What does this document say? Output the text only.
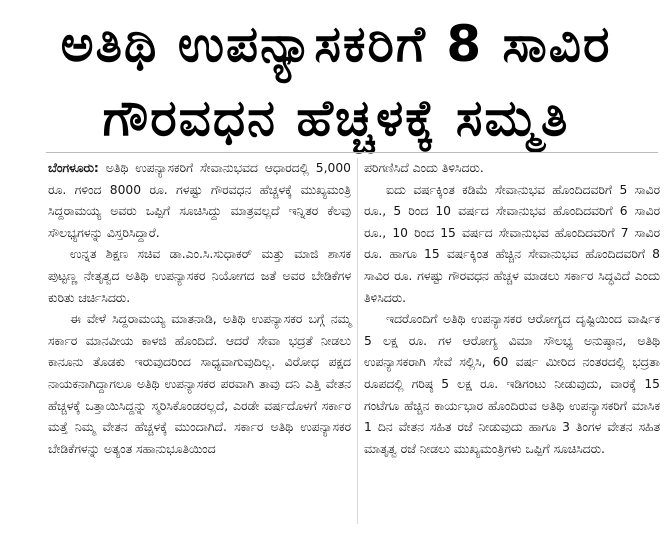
ಅತಿಥಿ ಉಪನ್ಯಾಸಕರಿಗೆ 8 ಸಾವಿರ
ಗೌರವಧನ ಹೆಚ್ಚಳಕ್ಕೆ ಸಮ್ಮತಿ

ಬೆಂಗಳೂರು: ಅತಿಥಿ ಉಪನ್ಯಾಸಕರಿಗೆ ಸೇವಾನುಭವದ ಆಧಾರದಲ್ಲಿ 5,000 ರೂ. ಗಳಿಂದ 8000 ರೂ. ಗಳಷ್ಟು ಗೌರವಧನ ಹೆಚ್ಚಳಕ್ಕೆ ಮುಖ್ಯಮಂತ್ರಿ ಸಿದ್ದರಾಮಯ್ಯ ಅವರು ಒಪ್ಪಿಗೆ ಸೂಚಿಸಿದ್ದು ಮಾತ್ರವಲ್ಲದೆ ಇನ್ನಿತರ ಕೆಲವು ಸೌಲಭ್ಯಗಳನ್ನು ವಿಸ್ತರಿಸಿದ್ದಾರೆ.

ಉನ್ನತ ಶಿಕ್ಷಣ ಸಚಿವ ಡಾ.ಎಂ.ಸಿ.ಸುಧಾಕರ್ ಮತ್ತು ಮಾಜಿ ಶಾಸಕ ಪುಟ್ಟಣ್ಣ ನೇತೃತ್ವದ ಅತಿಥಿ ಉಪನ್ಯಾಸಕರ ನಿಯೋಗದ ಜತೆ ಅವರ ಬೇಡಿಕೆಗಳ ಕುರಿತು ಚರ್ಚಿಸಿದರು.

ಈ ವೇಳೆ ಸಿದ್ದರಾಮಯ್ಯ ಮಾತನಾಡಿ, ಅತಿಥಿ ಉಪನ್ಯಾಸಕರ ಬಗ್ಗೆ ನಮ್ಮ ಸರ್ಕಾರ ಮಾನವೀಯ ಕಾಳಜಿ ಹೊಂದಿದೆ. ಆದರೆ ಸೇವಾ ಭದ್ರತೆ ನೀಡಲು ಕಾನೂನು ತೊಡಕು ಇರುವುದರಿಂದ ಸಾಧ್ಯವಾಗುವುದಿಲ್ಲ. ವಿರೋಧ ಪಕ್ಷದ ನಾಯಕನಾಗಿದ್ದಾಗಲೂ ಅತಿಥಿ ಉಪನ್ಯಾಸಕರ ಪರವಾಗಿ ತಾವು ದನಿ ಎತ್ತಿ ವೇತನ ಹೆಚ್ಚಳಕ್ಕೆ ಒತ್ತಾಯಿಸಿದ್ದನ್ನು ಸ್ಮರಿಸಿಕೊಂಡರಲ್ಲದೆ, ಎರಡೇ ವರ್ಷದೊಳಗೆ ಸರ್ಕಾರ ಮತ್ತೆ ನಿಮ್ಮ ವೇತನ ಹೆಚ್ಚಳಕ್ಕೆ ಮುಂದಾಗಿದೆ. ಸರ್ಕಾರ ಅತಿಥಿ ಉಪನ್ಯಾಸಕರ ಬೇಡಿಕೆಗಳನ್ನು ಅತ್ಯಂತ ಸಹಾನುಭೂತಿಯಿಂದ

ಪರಿಗಣಿಸಿದೆ ಎಂದು ತಿಳಿಸಿದರು.

ಐದು ವರ್ಷಕ್ಕಿಂತ ಕಡಿಮೆ ಸೇವಾನುಭವ ಹೊಂದಿದವರಿಗೆ 5 ಸಾವಿರ ರೂ., 5 ರಿಂದ 10 ವರ್ಷದ ಸೇವಾನುಭವ ಹೊಂದಿದವರಿಗೆ 6 ಸಾವಿರ ರೂ., 10 ರಿಂದ 15 ವರ್ಷದ ಸೇವಾನುಭವ ಹೊಂದಿದವರಿಗೆ 7 ಸಾವಿರ ರೂ. ಹಾಗೂ 15 ವರ್ಷಕ್ಕಿಂತ ಹೆಚ್ಚಿನ ಸೇವಾನುಭವ ಹೊಂದಿದವರಿಗೆ 8 ಸಾವಿರ ರೂ. ಗಳಷ್ಟು ಗೌರವಧನ ಹೆಚ್ಚಳ ಮಾಡಲು ಸರ್ಕಾರ ಸಿದ್ಧವಿದೆ ಎಂದು ತಿಳಿಸಿದರು.

ಇದರೊಂದಿಗೆ ಅತಿಥಿ ಉಪನ್ಯಾಸಕರ ಆರೋಗ್ಯದ ದೃಷ್ಟಿಯಿಂದ ವಾರ್ಷಿಕ 5 ಲಕ್ಷ ರೂ. ಗಳ ಆರೋಗ್ಯ ವಿಮಾ ಸೌಲಭ್ಯ ಅನುಷ್ಠಾನ, ಅತಿಥಿ ಉಪನ್ಯಾಸಕರಾಗಿ ಸೇವೆ ಸಲ್ಲಿಸಿ, 60 ವರ್ಷ ಮೀರಿದ ನಂತರದಲ್ಲಿ ಭದ್ರತಾ ರೂಪದಲ್ಲಿ ಗರಿಷ್ಠ 5 ಲಕ್ಷ ರೂ. ಇಡಿಗಂಟು ನೀಡುವುದು, ವಾರಕ್ಕೆ 15 ಗಂಟೆಗೂ ಹೆಚ್ಚಿನ ಕಾರ್ಯಭಾರ ಹೊಂದಿರುವ ಅತಿಥಿ ಉಪನ್ಯಾಸಕರಿಗೆ ಮಾಸಿಕ 1 ದಿನ ವೇತನ ಸಹಿತ ರಜೆ ನೀಡುವುದು ಹಾಗೂ 3 ತಿಂಗಳ ವೇತನ ಸಹಿತ ಮಾತೃತ್ವ ರಜೆ ನೀಡಲು ಮುಖ್ಯಮಂತ್ರಿಗಳು ಒಪ್ಪಿಗೆ ಸೂಚಿಸಿದರು.
